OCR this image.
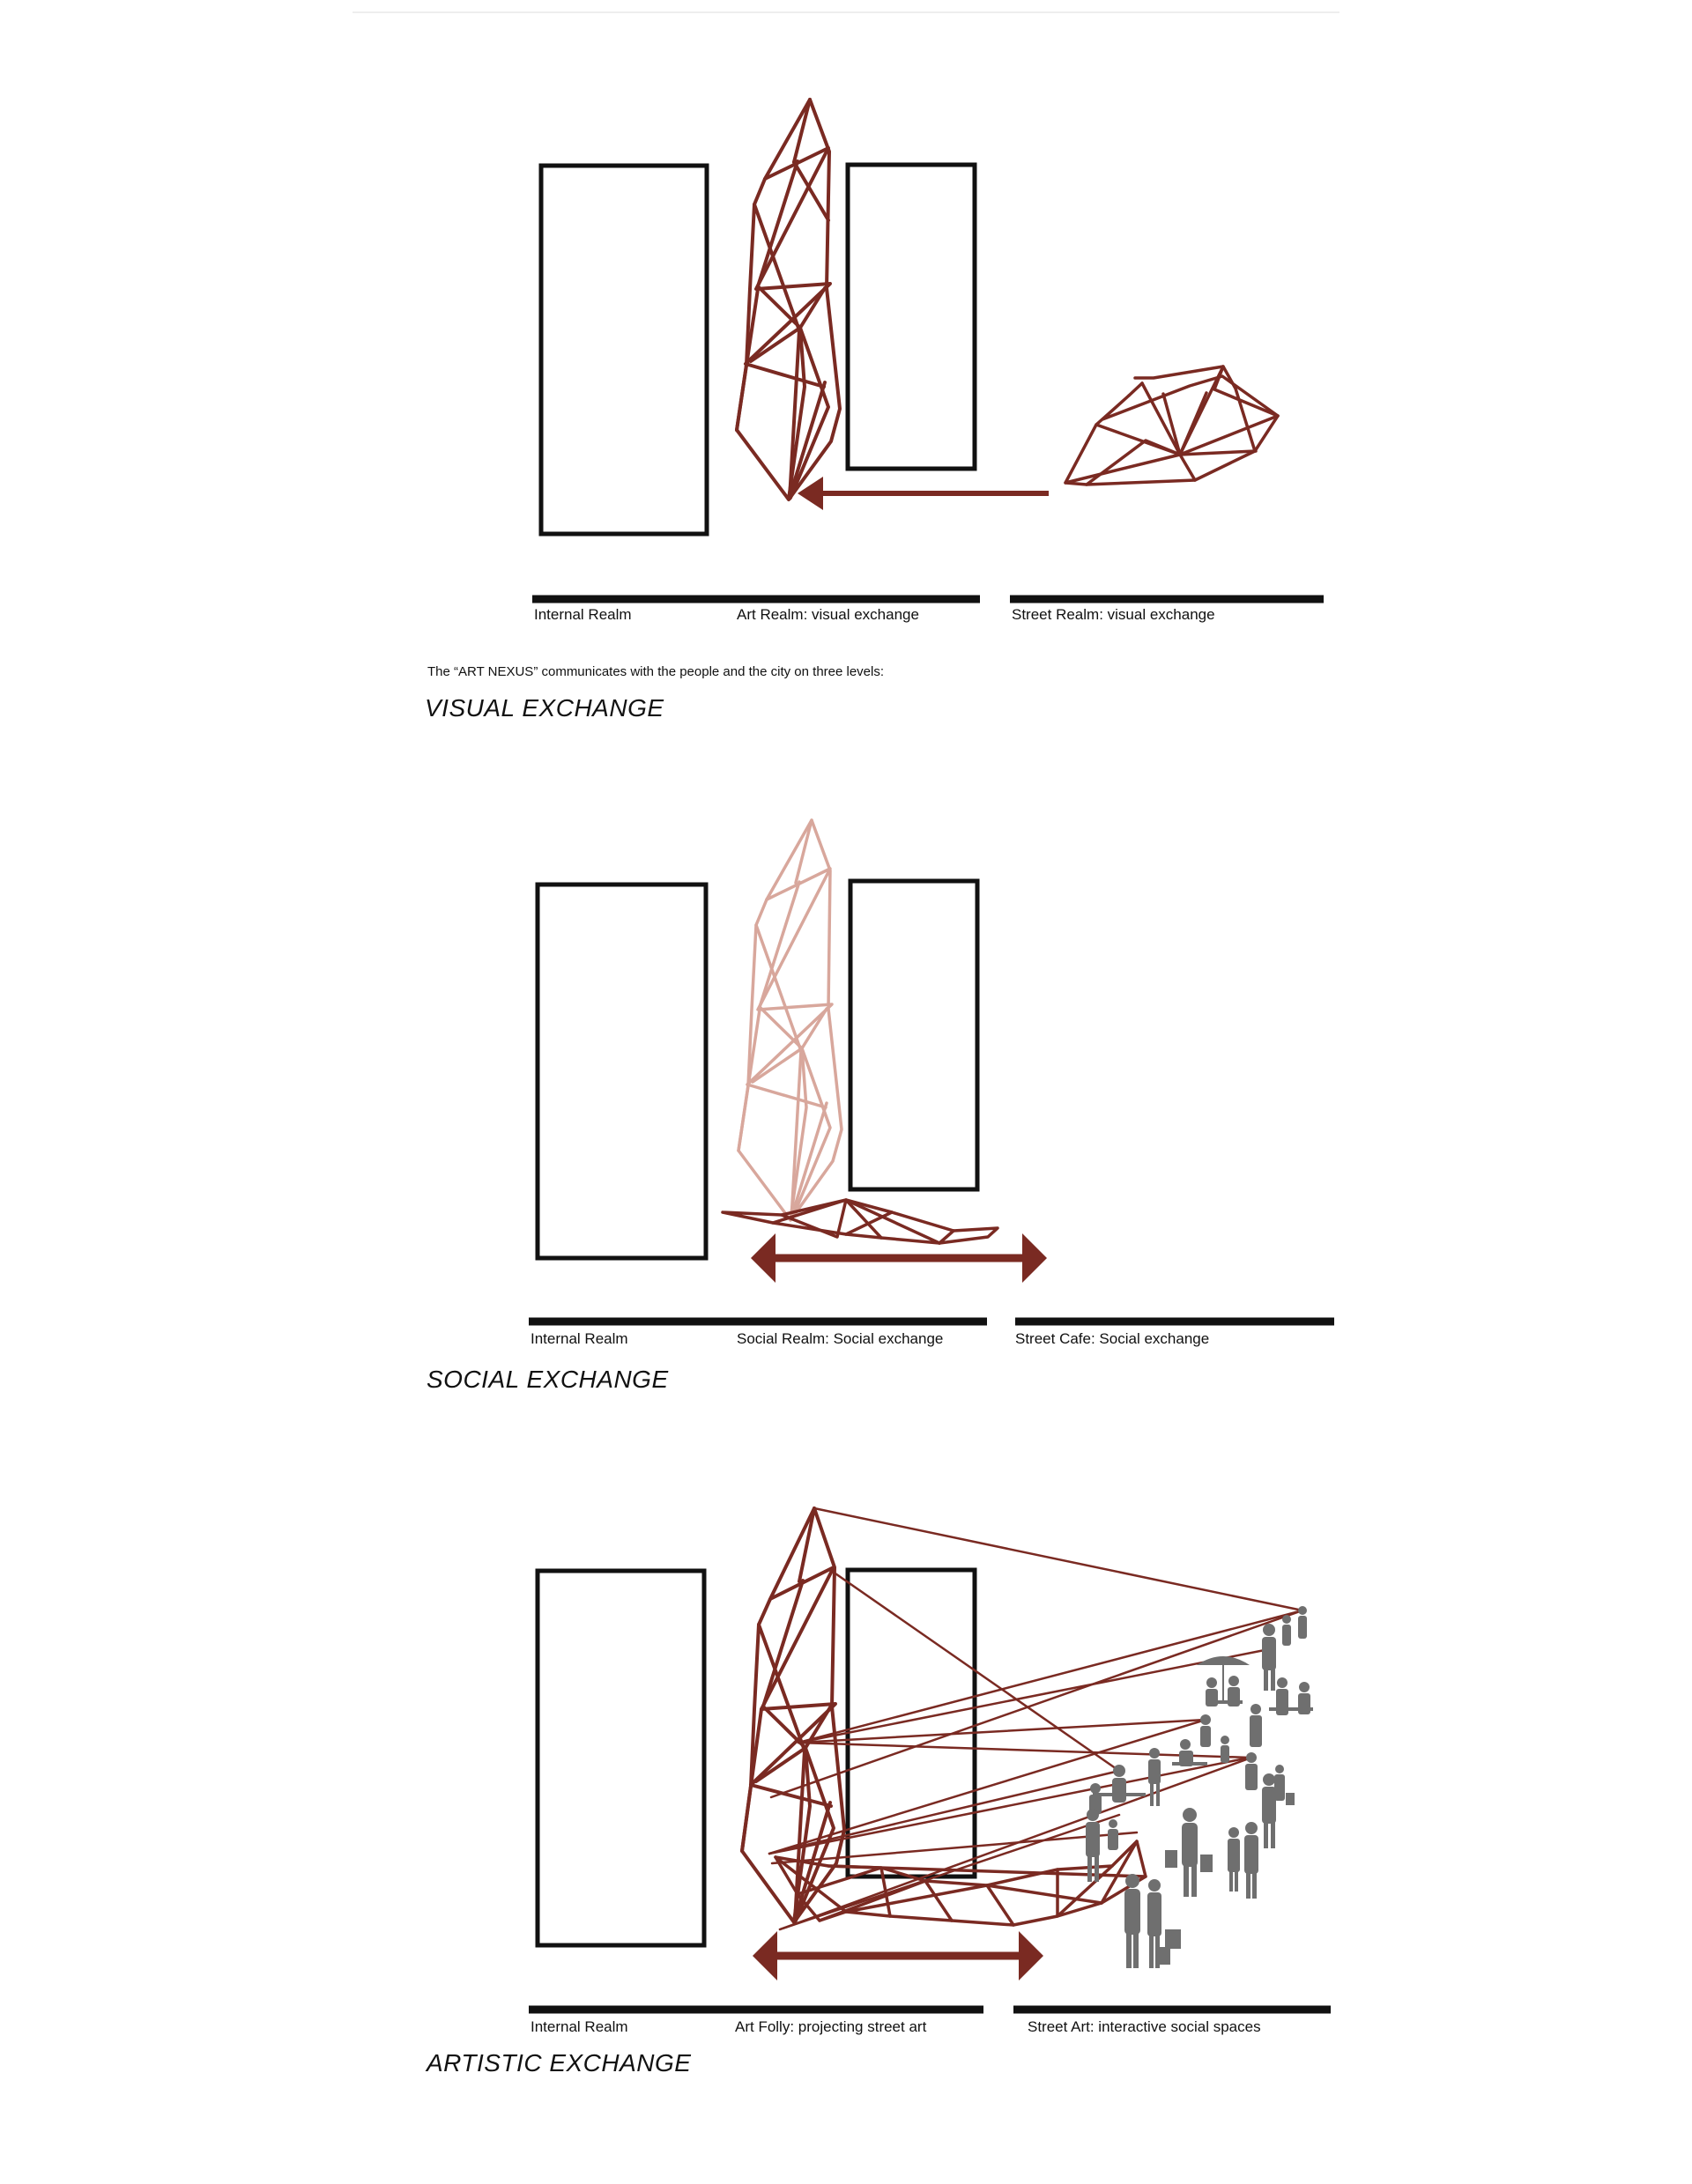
Internal Realm	Art Realm: visual exchange	Street Realm: visual exchange
The “ART NEXUS” communicates with the people and the city on three levels:
VISUAL EXCHANGE
Internal Realm	Social Realm: Social exchange	Street Cafe: Social exchange
SOCIAL EXCHANGE
Internal Realm	Art Folly: projecting street art	Street Art: interactive social spaces
ARTISTIC EXCHANGE
